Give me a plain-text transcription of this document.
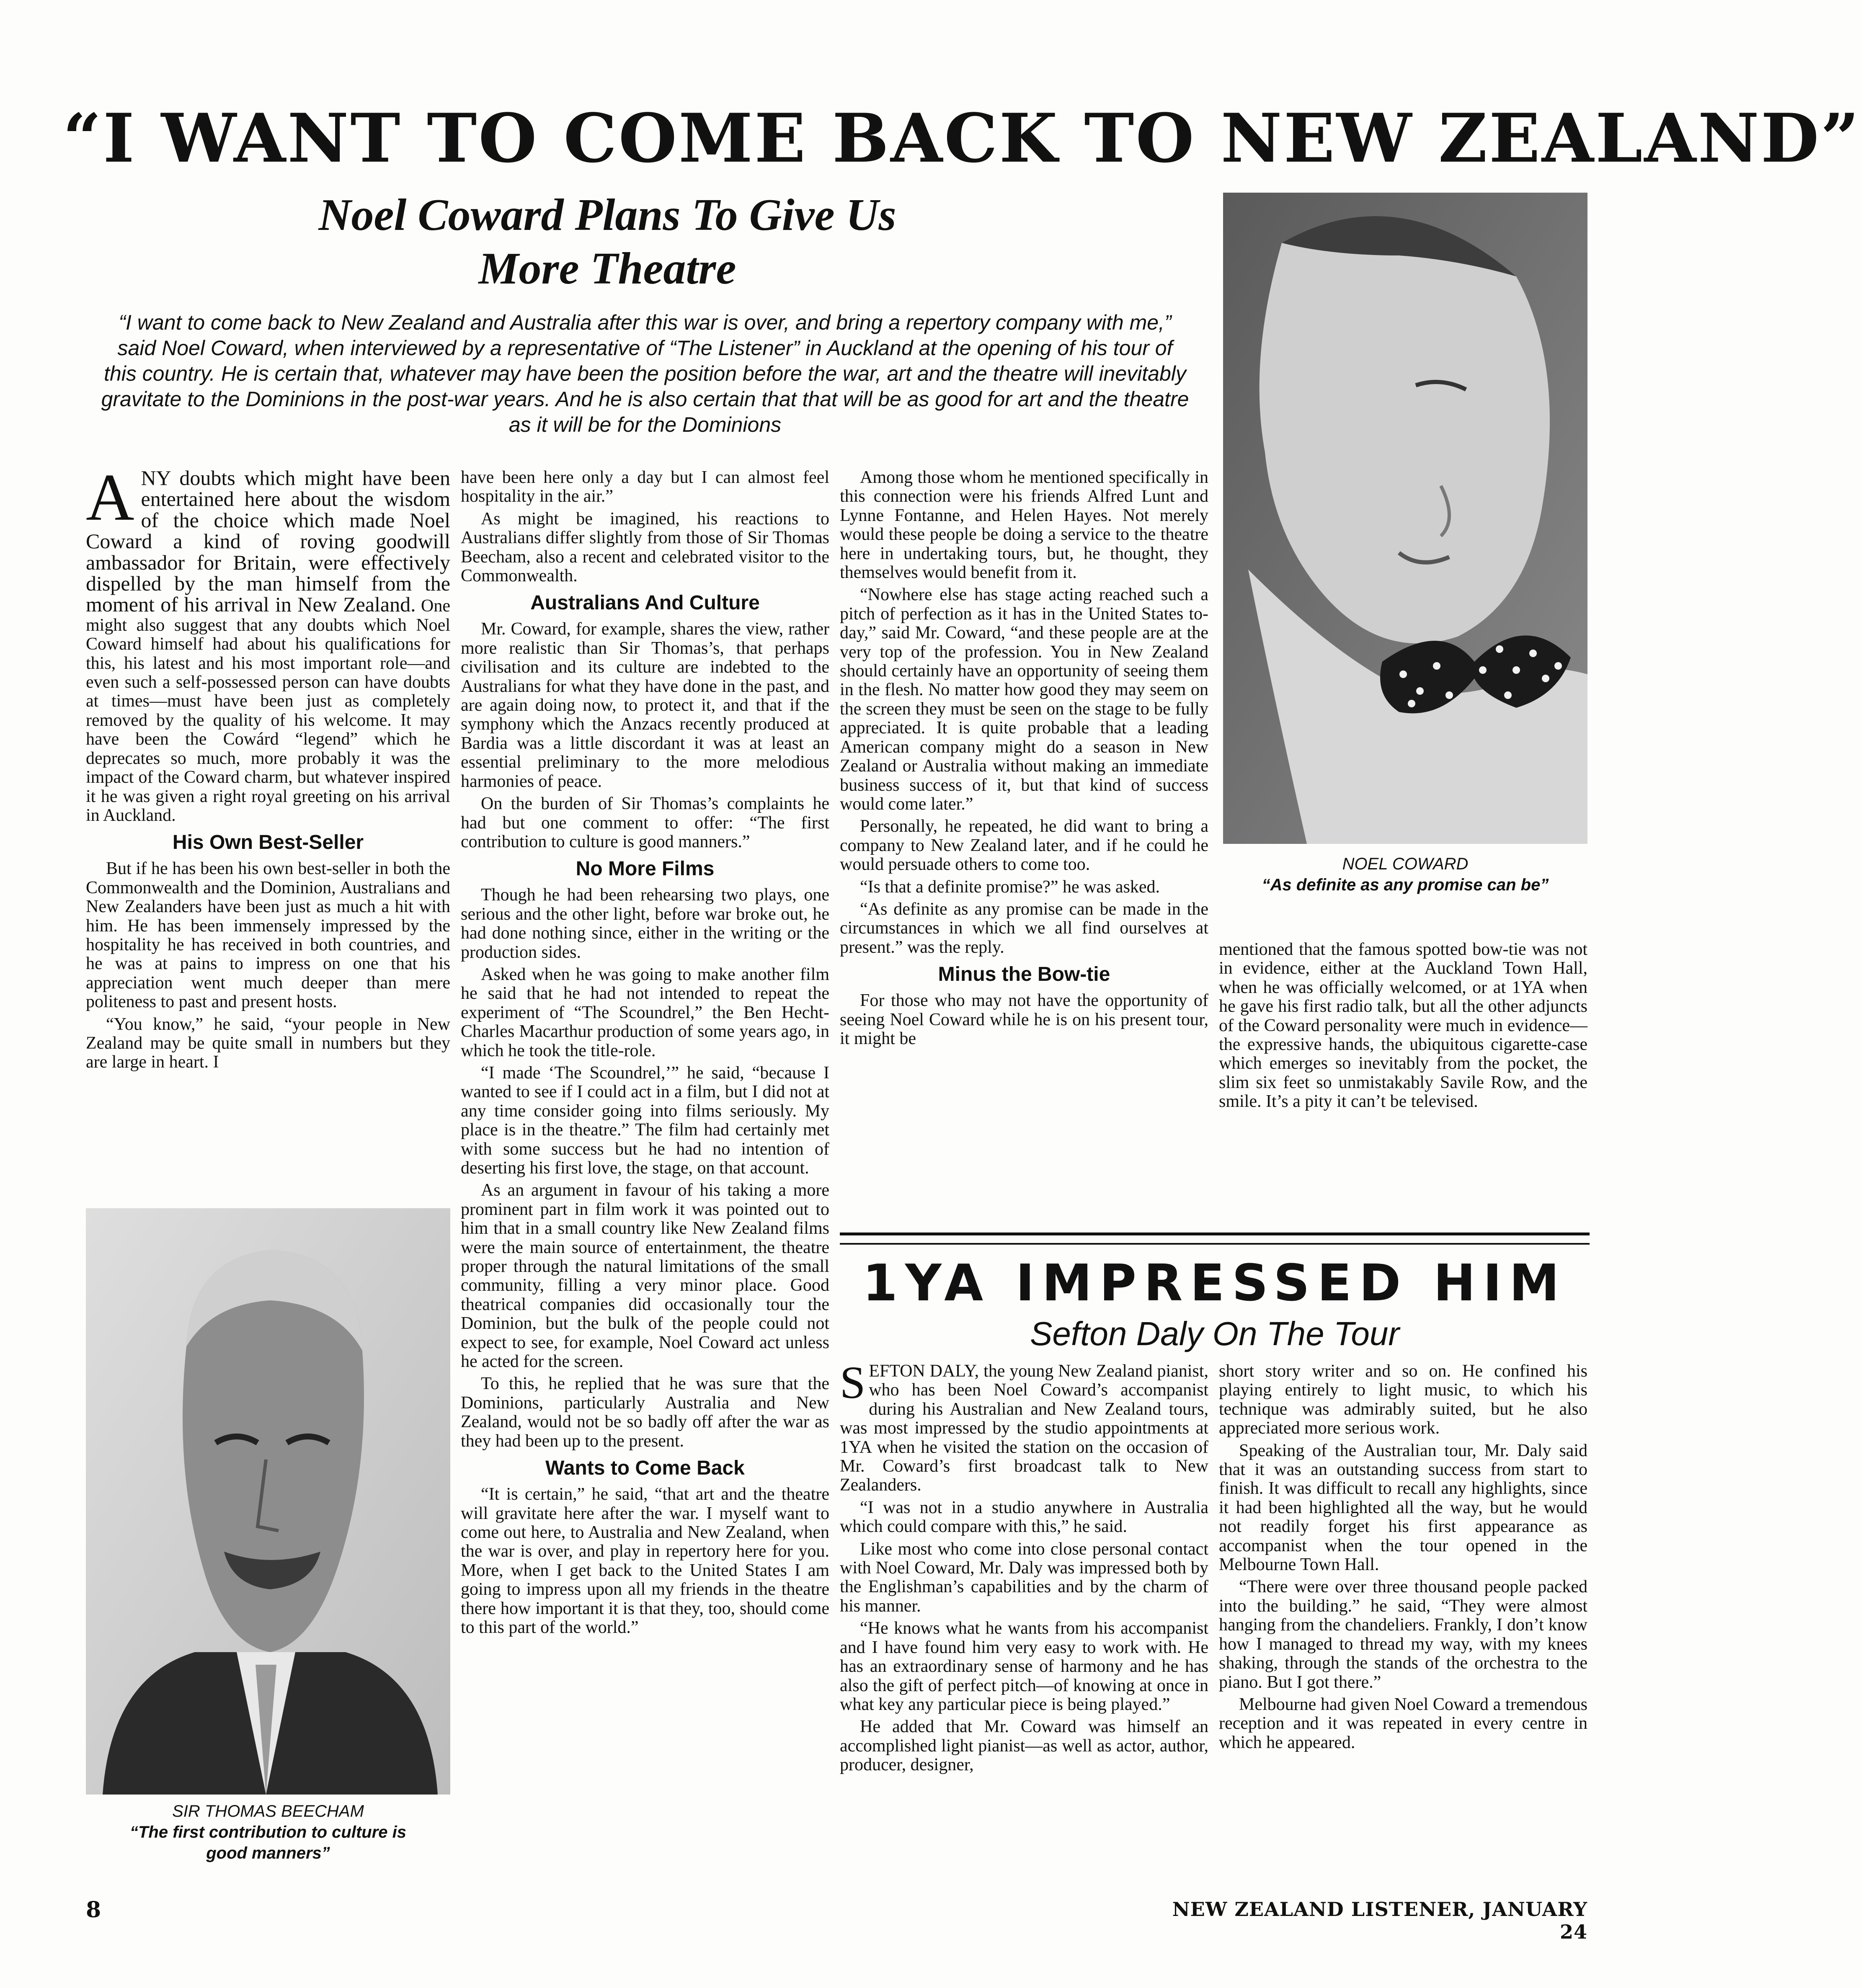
“I WANT TO COME BACK TO NEW ZEALAND”
Noel Coward Plans To Give Us
More Theatre
“I want to come back to New Zealand and Australia after this war is over, and bring a repertory company with me,” said Noel Coward, when interviewed by a representative of “The Listener” in Auckland at the opening of his tour of this country. He is certain that, whatever may have been the position before the war, art and the theatre will inevitably gravitate to the Dominions in the post-war years. And he is also certain that that will be as good for art and the theatre as it will be for the Dominions
NOEL COWARD
“As definite as any promise can be”

ANY doubts which might have been entertained here about the wisdom of the choice which made Noel Coward a kind of roving goodwill ambassador for Britain, were effectively dispelled by the man himself from the moment of his arrival in New Zealand. One might also suggest that any doubts which Noel Coward himself had about his qualifications for this, his latest and his most important role—and even such a self-possessed person can have doubts at times—must have been just as completely removed by the quality of his welcome. It may have been the Cowárd “legend” which he deprecates so much, more probably it was the impact of the Coward charm, but whatever inspired it he was given a right royal greeting on his arrival in Auckland.

His Own Best-Seller

But if he has been his own best-seller in both the Commonwealth and the Dominion, Australians and New Zealanders have been just as much a hit with him. He has been immensely impressed by the hospitality he has received in both countries, and he was at pains to impress on one that his appreciation went much deeper than mere politeness to past and present hosts.

“You know,” he said, “your people in New Zealand may be quite small in numbers but they are large in heart. I

SIR THOMAS BEECHAM
“The first contribution to culture is
good manners”

have been here only a day but I can almost feel hospitality in the air.”

As might be imagined, his reactions to Australians differ slightly from those of Sir Thomas Beecham, also a recent and celebrated visitor to the Commonwealth.

Australians And Culture

Mr. Coward, for example, shares the view, rather more realistic than Sir Thomas’s, that perhaps civilisation and its culture are indebted to the Australians for what they have done in the past, and are again doing now, to protect it, and that if the symphony which the Anzacs recently produced at Bardia was a little discordant it was at least an essential preliminary to the more melodious harmonies of peace.

On the burden of Sir Thomas’s complaints he had but one comment to offer: “The first contribution to culture is good manners.”

No More Films

Though he had been rehearsing two plays, one serious and the other light, before war broke out, he had done nothing since, either in the writing or the production sides.

Asked when he was going to make another film he said that he had not intended to repeat the experiment of “The Scoundrel,” the Ben Hecht-Charles Macarthur production of some years ago, in which he took the title-role.

“I made ‘The Scoundrel,’” he said, “because I wanted to see if I could act in a film, but I did not at any time consider going into films seriously. My place is in the theatre.” The film had certainly met with some success but he had no intention of deserting his first love, the stage, on that account.

As an argument in favour of his taking a more prominent part in film work it was pointed out to him that in a small country like New Zealand films were the main source of entertainment, the theatre proper through the natural limitations of the small community, filling a very minor place. Good theatrical companies did occasionally tour the Dominion, but the bulk of the people could not expect to see, for example, Noel Coward act unless he acted for the screen.

To this, he replied that he was sure that the Dominions, particularly Australia and New Zealand, would not be so badly off after the war as they had been up to the present.

Wants to Come Back

“It is certain,” he said, “that art and the theatre will gravitate here after the war. I myself want to come out here, to Australia and New Zealand, when the war is over, and play in repertory here for you. More, when I get back to the United States I am going to impress upon all my friends in the theatre there how important it is that they, too, should come to this part of the world.”

Among those whom he mentioned specifically in this connection were his friends Alfred Lunt and Lynne Fontanne, and Helen Hayes. Not merely would these people be doing a service to the theatre here in undertaking tours, but, he thought, they themselves would benefit from it.

“Nowhere else has stage acting reached such a pitch of perfection as it has in the United States to-day,” said Mr. Coward, “and these people are at the very top of the profession. You in New Zealand should certainly have an opportunity of seeing them in the flesh. No matter how good they may seem on the screen they must be seen on the stage to be fully appreciated. It is quite probable that a leading American company might do a season in New Zealand or Australia without making an immediate business success of it, but that kind of success would come later.”

Personally, he repeated, he did want to bring a company to New Zealand later, and if he could he would persuade others to come too.

“Is that a definite promise?” he was asked.

“As definite as any promise can be made in the circumstances in which we all find ourselves at present.” was the reply.

Minus the Bow-tie

For those who may not have the opportunity of seeing Noel Coward while he is on his present tour, it might be

mentioned that the famous spotted bow-tie was not in evidence, either at the Auckland Town Hall, when he was officially welcomed, or at 1YA when he gave his first radio talk, but all the other adjuncts of the Coward personality were much in evidence—the expressive hands, the ubiquitous cigarette-case which emerges so inevitably from the pocket, the slim six feet so unmistakably Savile Row, and the smile. It’s a pity it can’t be televised.

1YA IMPRESSED HIM
Sefton Daly On The Tour

SEFTON DALY, the young New Zealand pianist, who has been Noel Coward’s accompanist during his Australian and New Zealand tours, was most impressed by the studio appointments at 1YA when he visited the station on the occasion of Mr. Coward’s first broadcast talk to New Zealanders.

“I was not in a studio anywhere in Australia which could compare with this,” he said.

Like most who come into close personal contact with Noel Coward, Mr. Daly was impressed both by the Englishman’s capabilities and by the charm of his manner.

“He knows what he wants from his accompanist and I have found him very easy to work with. He has an extraordinary sense of harmony and he has also the gift of perfect pitch—of knowing at once in what key any particular piece is being played.”

He added that Mr. Coward was himself an accomplished light pianist—as well as actor, author, producer, designer,

short story writer and so on. He confined his playing entirely to light music, to which his technique was admirably suited, but he also appreciated more serious work.

Speaking of the Australian tour, Mr. Daly said that it was an outstanding success from start to finish. It was difficult to recall any highlights, since it had been highlighted all the way, but he would not readily forget his first appearance as accompanist when the tour opened in the Melbourne Town Hall.

“There were over three thousand people packed into the building.” he said, “They were almost hanging from the chandeliers. Frankly, I don’t know how I managed to thread my way, with my knees shaking, through the stands of the orchestra to the piano. But I got there.”

Melbourne had given Noel Coward a tremendous reception and it was repeated in every centre in which he appeared.

8	NEW ZEALAND LISTENER, JANUARY 24
